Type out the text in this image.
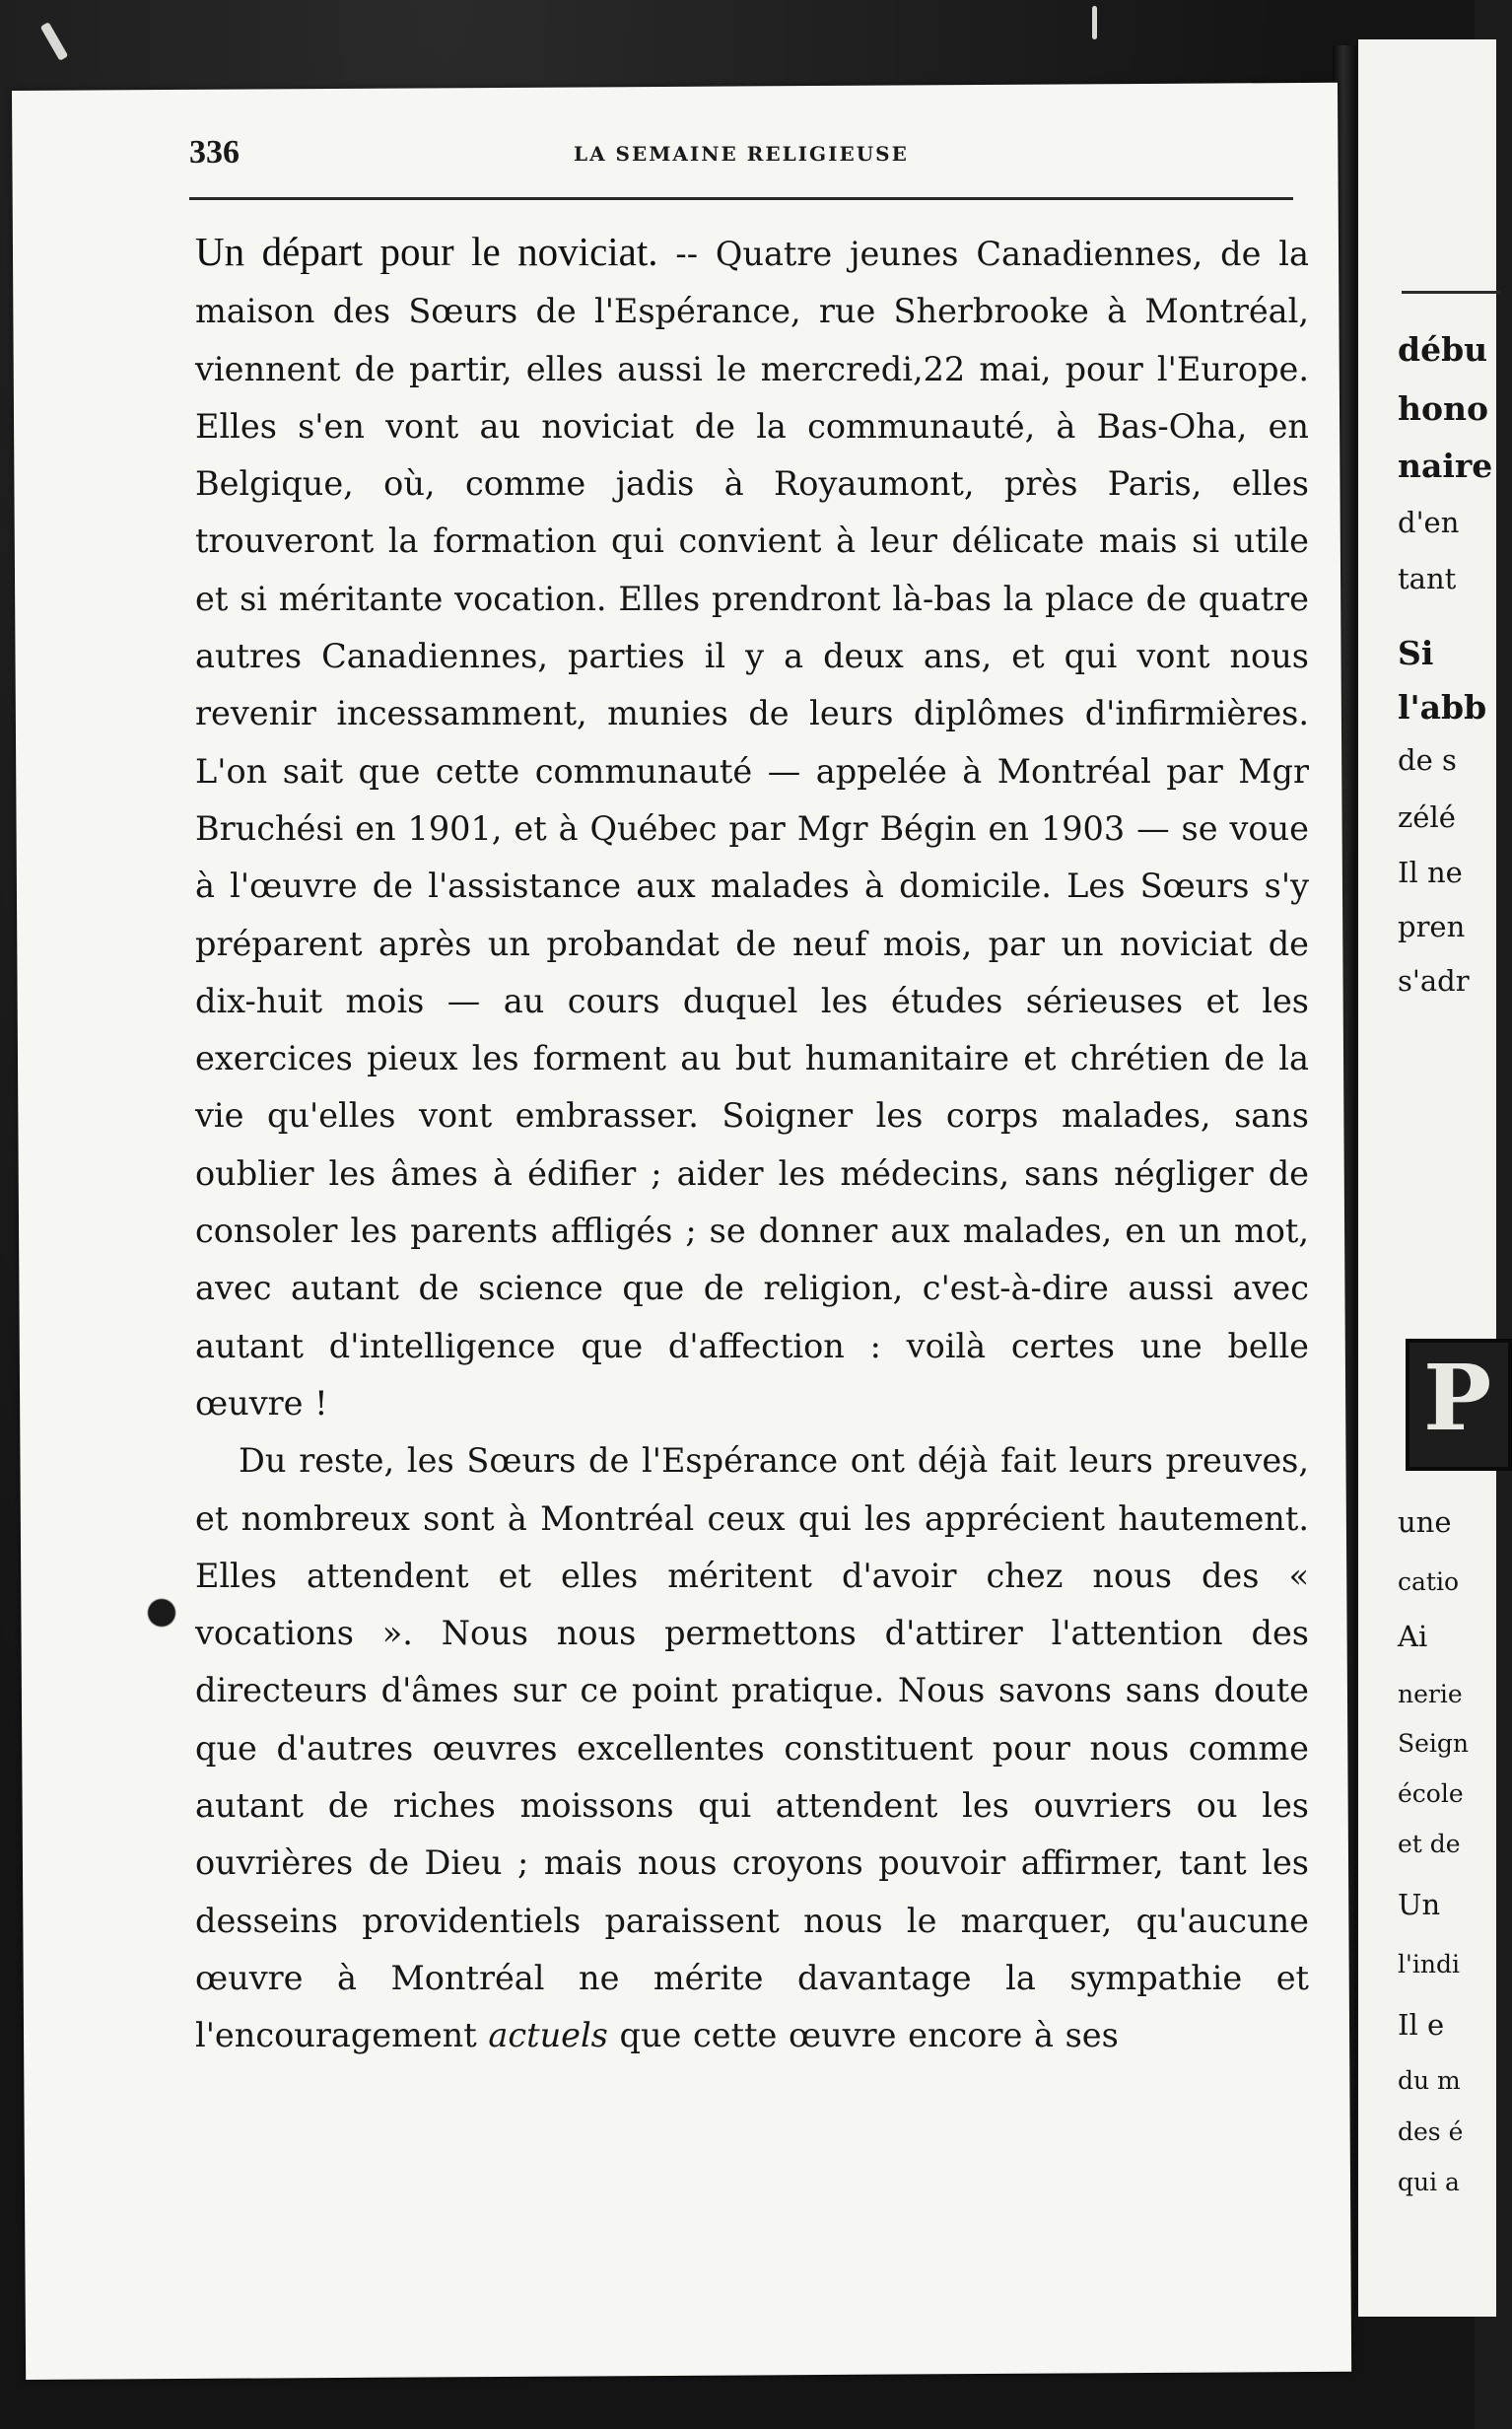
débu
hono
naire
d'en
tant
Si
l'abb
de s
zélé
Il ne
pren
s'adr
P
une
catio
Ai
nerie
Seign
école
et de
Un
l'indi
Il e
du m
des é
qui a
336	LA SEMAINE RELIGIEUSE

Un départ pour le noviciat. -- Quatre jeunes Canadiennes, de la maison des Sœurs de l'Espérance, rue Sherbrooke à Montréal, viennent de partir, elles aussi le mercredi,22 mai, pour l'Europe. Elles s'en vont au noviciat de la communauté, à Bas-Oha, en Belgique, où, comme jadis à Royaumont, près Paris, elles trouveront la formation qui convient à leur délicate mais si utile et si méritante vocation. Elles prendront là-bas la place de quatre autres Canadiennes, parties il y a deux ans, et qui vont nous revenir incessamment, munies de leurs diplômes d'infirmières. L'on sait que cette communauté — appelée à Montréal par Mgr Bruchési en 1901, et à Québec par Mgr Bégin en 1903 — se voue à l'œuvre de l'assistance aux malades à domicile. Les Sœurs s'y préparent après un probandat de neuf mois, par un noviciat de dix-huit mois — au cours duquel les études sérieuses et les exercices pieux les forment au but humanitaire et chrétien de la vie qu'elles vont embrasser. Soigner les corps malades, sans oublier les âmes à édifier ; aider les médecins, sans négliger de consoler les parents affligés ; se donner aux malades, en un mot, avec autant de science que de religion, c'est-à-dire aussi avec autant d'intelligence que d'affection : voilà certes une belle œuvre !

Du reste, les Sœurs de l'Espérance ont déjà fait leurs preuves, et nombreux sont à Montréal ceux qui les apprécient hautement. Elles attendent et elles méritent d'avoir chez nous des « vocations ». Nous nous permettons d'attirer l'attention des directeurs d'âmes sur ce point pratique. Nous savons sans doute que d'autres œuvres excellentes constituent pour nous comme autant de riches moissons qui attendent les ouvriers ou les ouvrières de Dieu ; mais nous croyons pouvoir affirmer, tant les desseins providentiels paraissent nous le marquer, qu'aucune œuvre à Montréal ne mérite davantage la sympathie et l'encouragement actuels que cette œuvre encore à ses
